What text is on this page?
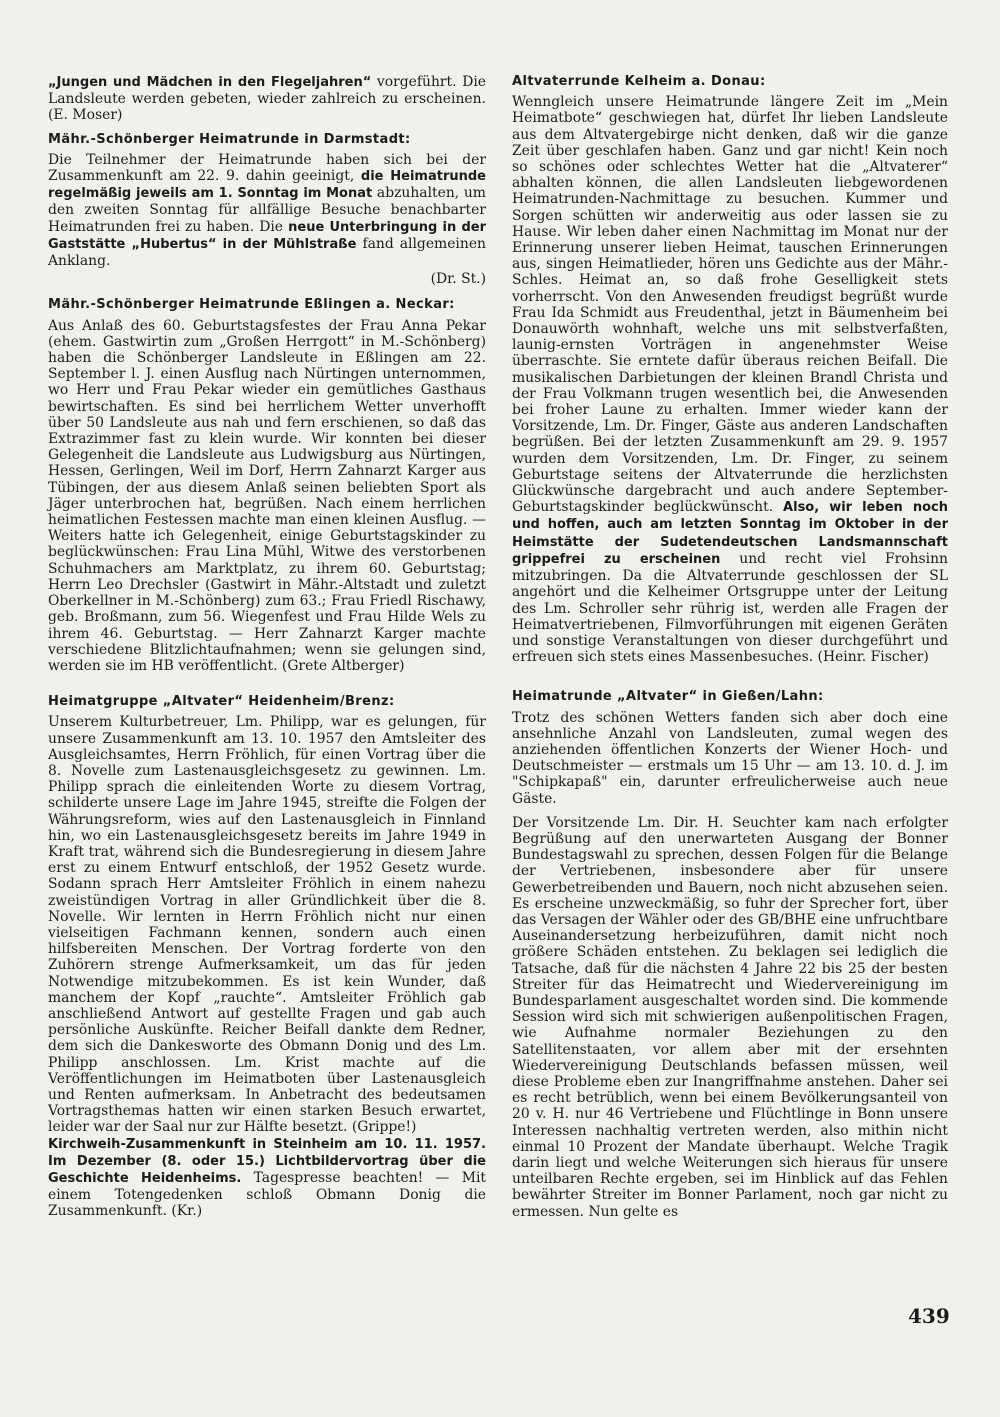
„Jungen und Mädchen in den Flegeljahren“ vorgeführt. Die Landsleute werden gebeten, wieder zahlreich zu erscheinen. (E. Moser)

Mähr.-Schönberger Heimatrunde in Darmstadt:

Die Teilnehmer der Heimatrunde haben sich bei der Zusammenkunft am 22. 9. dahin geeinigt, die Heimatrunde regelmäßig jeweils am 1. Sonntag im Monat abzuhalten, um den zweiten Sonntag für allfällige Besuche benachbarter Heimatrunden frei zu haben. Die neue Unterbringung in der Gaststätte „Hubertus“ in der Mühlstraße fand allgemeinen Anklang.

(Dr. St.)
Mähr.-Schönberger Heimatrunde Eßlingen a. Neckar:

Aus Anlaß des 60. Geburtstagsfestes der Frau Anna Pekar (ehem. Gastwirtin zum „Großen Herrgott“ in M.-Schönberg) haben die Schönberger Landsleute in Eßlingen am 22. September l. J. einen Ausflug nach Nürtingen unternommen, wo Herr und Frau Pekar wieder ein gemütliches Gasthaus bewirtschaften. Es sind bei herrlichem Wetter unverhofft über 50 Landsleute aus nah und fern erschienen, so daß das Extrazimmer fast zu klein wurde. Wir konnten bei dieser Gelegenheit die Landsleute aus Ludwigsburg aus Nürtingen, Hessen, Gerlingen, Weil im Dorf, Herrn Zahnarzt Karger aus Tübingen, der aus diesem Anlaß seinen beliebten Sport als Jäger unterbrochen hat, begrüßen. Nach einem herrlichen heimatlichen Festessen machte man einen kleinen Ausflug. — Weiters hatte ich Gelegenheit, einige Geburtstagskinder zu beglückwünschen: Frau Lina Mühl, Witwe des verstorbenen Schuhmachers am Marktplatz, zu ihrem 60. Geburtstag; Herrn Leo Drechsler (Gastwirt in Mähr.-Altstadt und zuletzt Oberkellner in M.-Schönberg) zum 63.; Frau Friedl Rischawy, geb. Broßmann, zum 56. Wiegenfest und Frau Hilde Wels zu ihrem 46. Geburtstag. — Herr Zahnarzt Karger machte verschiedene Blitzlichtaufnahmen; wenn sie gelungen sind, werden sie im HB veröffentlicht. (Grete Altberger)

Heimatgruppe „Altvater“ Heidenheim/Brenz:

Unserem Kulturbetreuer, Lm. Philipp, war es gelungen, für unsere Zusammenkunft am 13. 10. 1957 den Amtsleiter des Ausgleichsamtes, Herrn Fröhlich, für einen Vortrag über die 8. Novelle zum Lastenausgleichsgesetz zu gewinnen. Lm. Philipp sprach die einleitenden Worte zu diesem Vortrag, schilderte unsere Lage im Jahre 1945, streifte die Folgen der Währungsreform, wies auf den Lastenausgleich in Finnland hin, wo ein Lastenausgleichsgesetz bereits im Jahre 1949 in Kraft trat, während sich die Bundesregierung in diesem Jahre erst zu einem Entwurf entschloß, der 1952 Gesetz wurde. Sodann sprach Herr Amtsleiter Fröhlich in einem nahezu zweistündigen Vortrag in aller Gründlichkeit über die 8. Novelle. Wir lernten in Herrn Fröhlich nicht nur einen vielseitigen Fachmann kennen, sondern auch einen hilfsbereiten Menschen. Der Vortrag forderte von den Zuhörern strenge Aufmerksamkeit, um das für jeden Notwendige mitzubekommen. Es ist kein Wunder, daß manchem der Kopf „rauchte“. Amtsleiter Fröhlich gab anschließend Antwort auf gestellte Fragen und gab auch persönliche Auskünfte. Reicher Beifall dankte dem Redner, dem sich die Dankesworte des Obmann Donig und des Lm. Philipp anschlossen. Lm. Krist machte auf die Veröffentlichungen im Heimatboten über Lastenausgleich und Renten aufmerksam. In Anbetracht des bedeutsamen Vortragsthemas hatten wir einen starken Besuch erwartet, leider war der Saal nur zur Hälfte besetzt. (Grippe!)

Kirchweih-Zusammenkunft in Steinheim am 10. 11. 1957. Im Dezember (8. oder 15.) Lichtbildervortrag über die Geschichte Heidenheims. Tagespresse beachten! — Mit einem Totengedenken schloß Obmann Donig die Zusammenkunft. (Kr.)

Altvaterrunde Kelheim a. Donau:

Wenngleich unsere Heimatrunde längere Zeit im „Mein Heimatbote“ geschwiegen hat, dürfet Ihr lieben Landsleute aus dem Altvatergebirge nicht denken, daß wir die ganze Zeit über geschlafen haben. Ganz und gar nicht! Kein noch so schönes oder schlechtes Wetter hat die „Altvaterer“ abhalten können, die allen Landsleuten liebgewordenen Heimatrunden-Nachmittage zu besuchen. Kummer und Sorgen schütten wir anderweitig aus oder lassen sie zu Hause. Wir leben daher einen Nachmittag im Monat nur der Erinnerung unserer lieben Heimat, tauschen Erinnerungen aus, singen Heimatlieder, hören uns Gedichte aus der Mähr.-Schles. Heimat an, so daß frohe Geselligkeit stets vorherrscht. Von den Anwesenden freudigst begrüßt wurde Frau Ida Schmidt aus Freudenthal, jetzt in Bäumenheim bei Donauwörth wohnhaft, welche uns mit selbstverfaßten, launig-ernsten Vorträgen in angenehmster Weise überraschte. Sie erntete dafür überaus reichen Beifall. Die musikalischen Darbietungen der kleinen Brandl Christa und der Frau Volkmann trugen wesentlich bei, die Anwesenden bei froher Laune zu erhalten. Immer wieder kann der Vorsitzende, Lm. Dr. Finger, Gäste aus anderen Landschaften begrüßen. Bei der letzten Zusammenkunft am 29. 9. 1957 wurden dem Vorsitzenden, Lm. Dr. Finger, zu seinem Geburtstage seitens der Altvaterrunde die herzlichsten Glückwünsche dargebracht und auch andere September-Geburtstagskinder beglückwünscht. Also, wir leben noch und hoffen, auch am letzten Sonntag im Oktober in der Heimstätte der Sudetendeutschen Landsmannschaft grippefrei zu erscheinen und recht viel Frohsinn mitzubringen. Da die Altvaterrunde geschlossen der SL angehört und die Kelheimer Ortsgruppe unter der Leitung des Lm. Schroller sehr rührig ist, werden alle Fragen der Heimatvertriebenen, Filmvorführungen mit eigenen Geräten und sonstige Veranstaltungen von dieser durchgeführt und erfreuen sich stets eines Massenbesuches. (Heinr. Fischer)

Heimatrunde „Altvater“ in Gießen/Lahn:

Trotz des schönen Wetters fanden sich aber doch eine ansehnliche Anzahl von Landsleuten, zumal wegen des anziehenden öffentlichen Konzerts der Wiener Hoch- und Deutschmeister — erstmals um 15 Uhr — am 13. 10. d. J. im "Schipkapaß" ein, darunter erfreulicherweise auch neue Gäste.

Der Vorsitzende Lm. Dir. H. Seuchter kam nach erfolgter Begrüßung auf den unerwarteten Ausgang der Bonner Bundestagswahl zu sprechen, dessen Folgen für die Belange der Vertriebenen, insbesondere aber für unsere Gewerbetreibenden und Bauern, noch nicht abzusehen seien. Es erscheine unzweckmäßig, so fuhr der Sprecher fort, über das Versagen der Wähler oder des GB/BHE eine unfruchtbare Auseinandersetzung herbeizuführen, damit nicht noch größere Schäden entstehen. Zu beklagen sei lediglich die Tatsache, daß für die nächsten 4 Jahre 22 bis 25 der besten Streiter für das Heimatrecht und Wiedervereinigung im Bundesparlament ausgeschaltet worden sind. Die kommende Session wird sich mit schwierigen außenpolitischen Fragen, wie Aufnahme normaler Beziehungen zu den Satellitenstaaten, vor allem aber mit der ersehnten Wiedervereinigung Deutschlands befassen müssen, weil diese Probleme eben zur Inangriffnahme anstehen. Daher sei es recht betrüblich, wenn bei einem Bevölkerungsanteil von 20 v. H. nur 46 Vertriebene und Flüchtlinge in Bonn unsere Interessen nachhaltig vertreten werden, also mithin nicht einmal 10 Prozent der Mandate überhaupt. Welche Tragik darin liegt und welche Weiterungen sich hieraus für unsere unteilbaren Rechte ergeben, sei im Hinblick auf das Fehlen bewährter Streiter im Bonner Parlament, noch gar nicht zu ermessen. Nun gelte es

439
